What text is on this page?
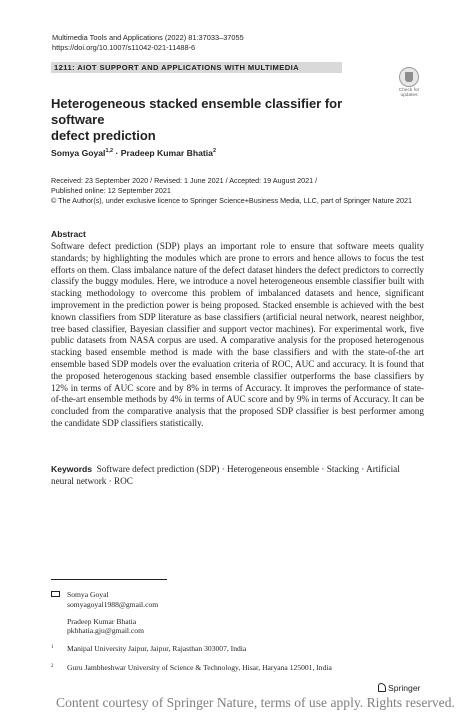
Multimedia Tools and Applications (2022) 81:37033–37055
https://doi.org/10.1007/s11042-021-11488-6
1211: AIOT SUPPORT AND APPLICATIONS WITH MULTIMEDIA
Check for
updates
Heterogeneous stacked ensemble classifier for software
defect prediction
Somya Goyal$^{1,2}$ · Pradeep Kumar Bhatia$^2$
Received: 23 September 2020 / Revised: 1 June 2021 / Accepted: 19 August 2021 /
Published online: 12 September 2021
© The Author(s), under exclusive licence to Springer Science+Business Media, LLC, part of Springer Nature 2021
Abstract
Software defect prediction (SDP) plays an important role to ensure that software meets quality standards; by highlighting the modules which are prone to errors and hence allows to focus the test efforts on them. Class imbalance nature of the defect dataset hinders the defect predictors to correctly classify the buggy modules. Here, we introduce a novel heterogeneous ensemble classifier built with stacking methodology to overcome this problem of imbalanced datasets and hence, significant improvement in the prediction power is being proposed. Stacked ensemble is achieved with the best known classifiers from SDP literature as base classifiers (artificial neural network, nearest neighbor, tree based classifier, Bayesian classifier and support vector machines). For experimental work, five public datasets from NASA corpus are used. A comparative analysis for the proposed heterogenous stacking based ensemble method is made with the base classifiers and with the state-of-the art ensemble based SDP models over the evaluation criteria of ROC, AUC and accuracy. It is found that the proposed heterogenous stacking based ensemble classifier outperforms the base classifiers by 12% in terms of AUC score and by 8% in terms of Accuracy. It improves the performance of state-of-the-art ensemble methods by 4% in terms of AUC score and by 9% in terms of Accuracy. It can be concluded from the comparative analysis that the proposed SDP classifier is best performer among the candidate SDP classifiers statistically.
Keywords Software defect prediction (SDP) · Heterogeneous ensemble · Stacking · Artificial neural network · ROC
Somya Goyal
somyagoyal1988@gmail.com
Pradeep Kumar Bhatia
pkbhatia.gju@gmail.com
$^1$ Manipal University Jaipur, Jaipur, Rajasthan 303007, India
$^2$ Guru Jambheshwar University of Science & Technology, Hisar, Haryana 125001, India
Springer
Content courtesy of Springer Nature, terms of use apply. Rights reserved.
